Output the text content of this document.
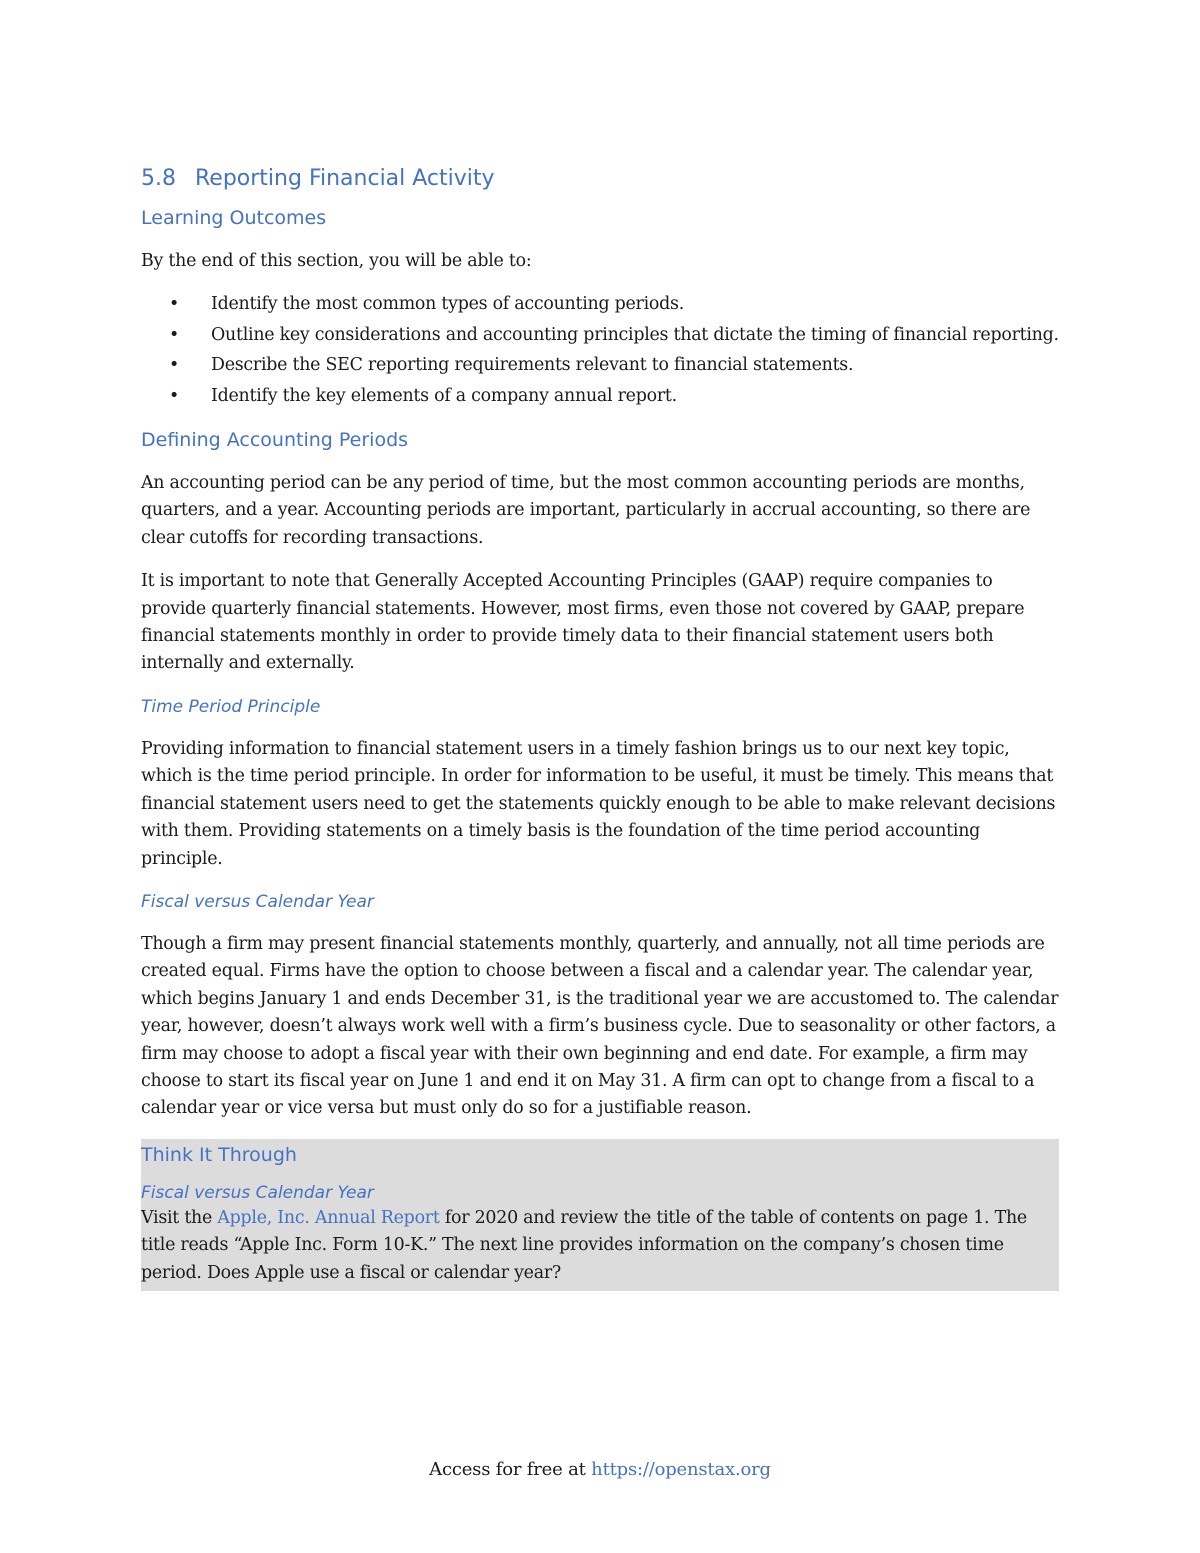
5.8 Reporting Financial Activity
Learning Outcomes

By the end of this section, you will be able to:

• Identify the most common types of accounting periods.
• Outline key considerations and accounting principles that dictate the timing of financial reporting.
• Describe the SEC reporting requirements relevant to financial statements.
• Identify the key elements of a company annual report.
Defining Accounting Periods

An accounting period can be any period of time, but the most common accounting periods are months, quarters, and a year. Accounting periods are important, particularly in accrual accounting, so there are clear cutoffs for recording transactions.

It is important to note that Generally Accepted Accounting Principles (GAAP) require companies to provide quarterly financial statements. However, most firms, even those not covered by GAAP, prepare financial statements monthly in order to provide timely data to their financial statement users both internally and externally.

Time Period Principle

Providing information to financial statement users in a timely fashion brings us to our next key topic, which is the time period principle. In order for information to be useful, it must be timely. This means that financial statement users need to get the statements quickly enough to be able to make relevant decisions with them. Providing statements on a timely basis is the foundation of the time period accounting principle.

Fiscal versus Calendar Year

Though a firm may present financial statements monthly, quarterly, and annually, not all time periods are created equal. Firms have the option to choose between a fiscal and a calendar year. The calendar year, which begins January 1 and ends December 31, is the traditional year we are accustomed to. The calendar year, however, doesn’t always work well with a firm’s business cycle. Due to seasonality or other factors, a firm may choose to adopt a fiscal year with their own beginning and end date. For example, a firm may choose to start its fiscal year on June 1 and end it on May 31. A firm can opt to change from a fiscal to a calendar year or vice versa but must only do so for a justifiable reason.

Think It Through
Fiscal versus Calendar Year

Visit the Apple, Inc. Annual Report for 2020 and review the title of the table of contents on page 1. The title reads “Apple Inc. Form 10-K.” The next line provides information on the company’s chosen time period. Does Apple use a fiscal or calendar year?

Access for free at https://openstax.org
